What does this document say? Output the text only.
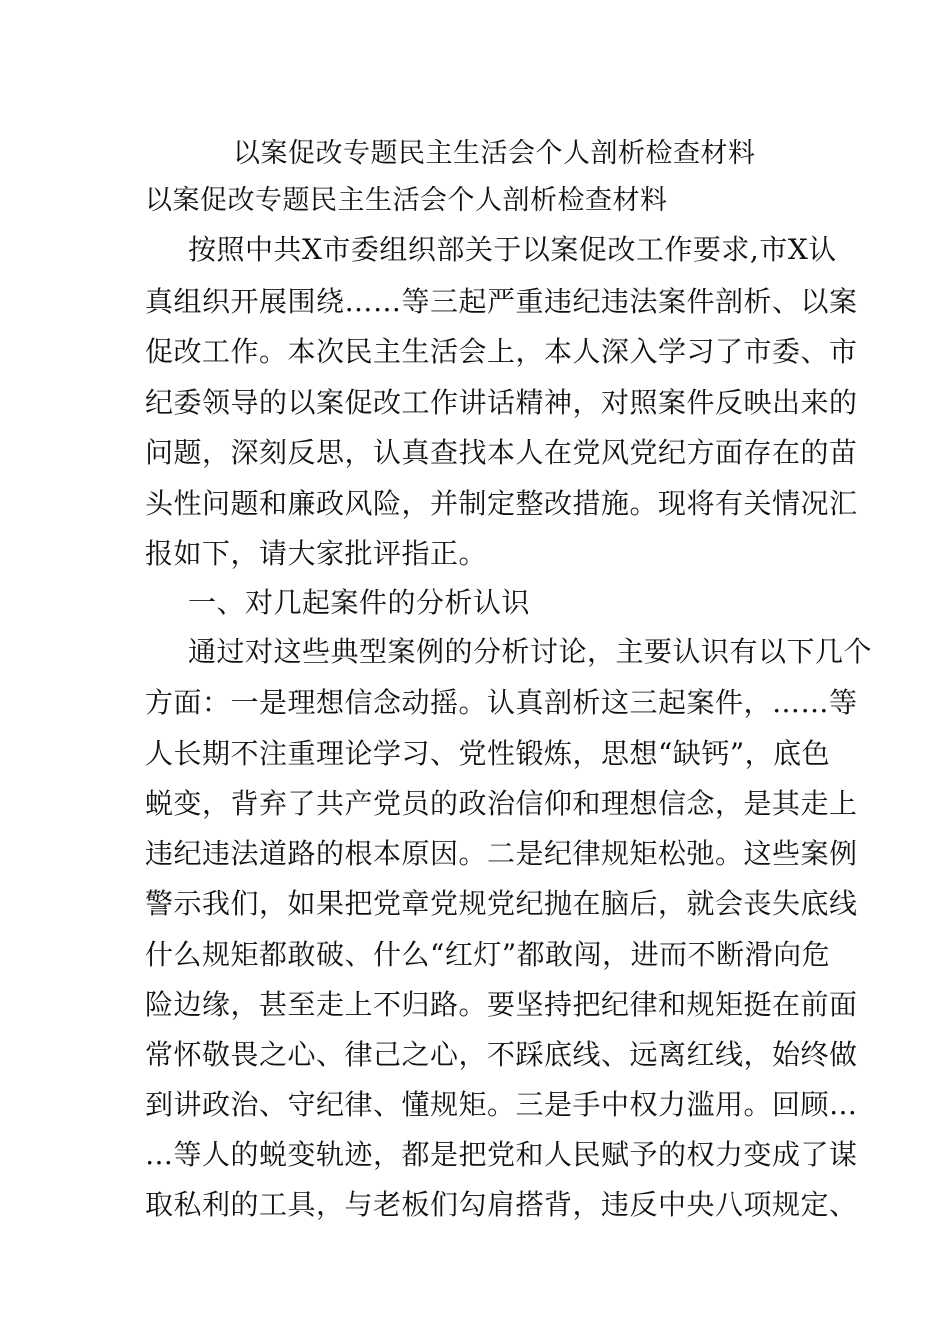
以案促改专题民主生活会个人剖析检查材料
以案促改专题民主生活会个人剖析检查材料
按照中共X市委组织部关于以案促改工作要求,市X认
真组织开展围绕……等三起严重违纪违法案件剖析、以案
促改工作。本次民主生活会上，本人深入学习了市委、市
纪委领导的以案促改工作讲话精神，对照案件反映出来的
问题，深刻反思，认真查找本人在党风党纪方面存在的苗
头性问题和廉政风险，并制定整改措施。现将有关情况汇
报如下，请大家批评指正。
一、对几起案件的分析认识
通过对这些典型案例的分析讨论，主要认识有以下几个
方面：一是理想信念动摇。认真剖析这三起案件，……等
人长期不注重理论学习、党性锻炼，思想“缺钙”，底色
蜕变，背弃了共产党员的政治信仰和理想信念，是其走上
违纪违法道路的根本原因。二是纪律规矩松弛。这些案例
警示我们，如果把党章党规党纪抛在脑后，就会丧失底线
什么规矩都敢破、什么“红灯”都敢闯，进而不断滑向危
险边缘，甚至走上不归路。要坚持把纪律和规矩挺在前面
常怀敬畏之心、律己之心，不踩底线、远离红线，始终做
到讲政治、守纪律、懂规矩。三是手中权力滥用。回顾…
…等人的蜕变轨迹，都是把党和人民赋予的权力变成了谋
取私利的工具，与老板们勾肩搭背，违反中央八项规定、
